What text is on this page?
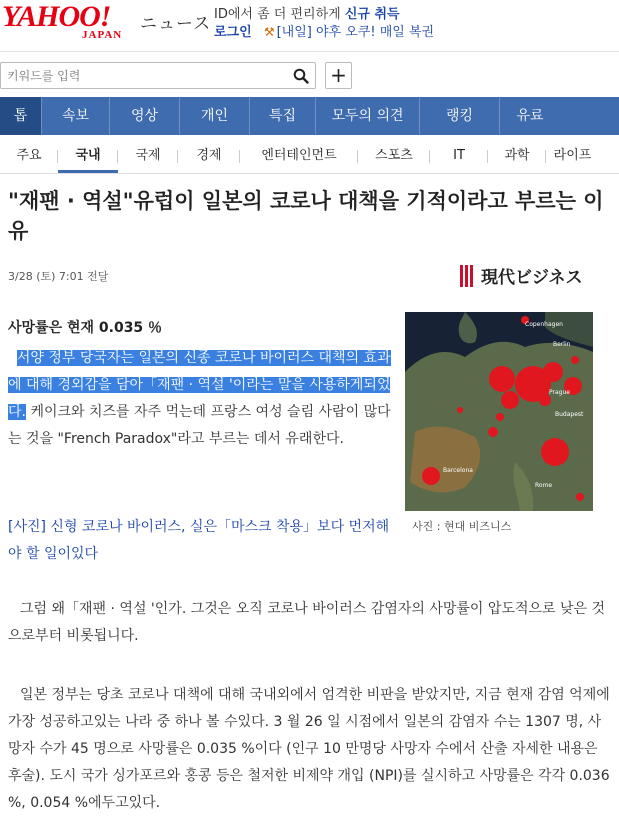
YAHOO!
JAPAN
ニュース ID에서 좀 더 편리하게 신규 취득
로그인 ⚒ [내일] 야후 오쿠! 매일 복권
키워드를 입력
+
톱	속보	영상	개인	특집	모두의 의견	랭킹	유료
주요	국내	국제	경제	엔터테인먼트	스포츠	IT	과학	라이프
"재팬 · 역설"유럽이 일본의 코로나 대책을 기적이라고 부르는 이유
3/28 (토) 7:01 전달	現代ビジネス
사망률은 현재 0.035 ％
서양 정부 당국자는 일본의 신종 코로나 바이러스 대책의 효과에 대해 경외감을 담아「재팬 · 역설 '이라는 말을 사용하게되었다. 케이크와 치즈를 자주 먹는데 프랑스 여성 슬림 사람이 많다는 것을 "French Paradox"라고 부르는 데서 유래한다.
Copenhagen
Berlin
Prague
Budapest
Barcelona
Rome
사진 : 현대 비즈니스
[사진] 신형 코로나 바이러스, 실은「마스크 착용」보다 먼저해야 할 일이있다

그럼 왜「재팬 · 역설 '인가. 그것은 오직 코로나 바이러스 감염자의 사망률이 압도적으로 낮은 것으로부터 비롯됩니다.

일본 정부는 당초 코로나 대책에 대해 국내외에서 엄격한 비판을 받았지만, 지금 현재 감염 억제에 가장 성공하고있는 나라 중 하나 볼 수있다. 3 월 26 일 시점에서 일본의 감염자 수는 1307 명, 사망자 수가 45 명으로 사망률은 0.035 %이다 (인구 10 만명당 사망자 수에서 산출 자세한 내용은 후술). 도시 국가 싱가포르와 홍콩 등은 철저한 비제약 개입 (NPI)를 실시하고 사망률은 각각 0.036 %, 0.054 %에두고있다.
